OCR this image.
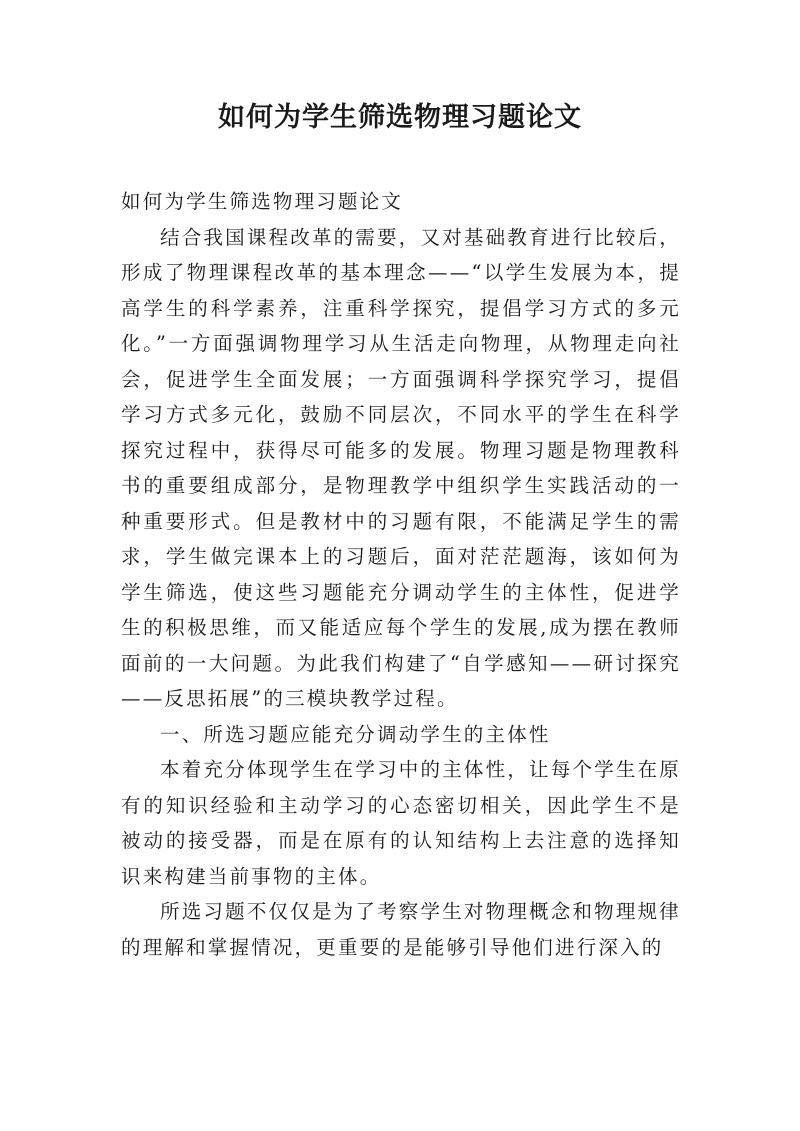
如何为学生筛选物理习题论文

如何为学生筛选物理习题论文

结合我国课程改革的需要，又对基础教育进行比较后，形成了物理课程改革的基本理念——“以学生发展为本，提高学生的科学素养，注重科学探究，提倡学习方式的多元化。”一方面强调物理学习从生活走向物理，从物理走向社会，促进学生全面发展；一方面强调科学探究学习，提倡学习方式多元化，鼓励不同层次，不同水平的学生在科学探究过程中，获得尽可能多的发展。物理习题是物理教科书的重要组成部分，是物理教学中组织学生实践活动的一种重要形式。但是教材中的习题有限，不能满足学生的需求，学生做完课本上的习题后，面对茫茫题海，该如何为学生筛选，使这些习题能充分调动学生的主体性，促进学生的积极思维，而又能适应每个学生的发展,成为摆在教师面前的一大问题。为此我们构建了“自学感知——研讨探究——反思拓展”的三模块教学过程。

一、所选习题应能充分调动学生的主体性

本着充分体现学生在学习中的主体性，让每个学生在原有的知识经验和主动学习的心态密切相关，因此学生不是被动的接受器，而是在原有的认知结构上去注意的选择知识来构建当前事物的主体。

所选习题不仅仅是为了考察学生对物理概念和物理规律的理解和掌握情况，更重要的是能够引导他们进行深入的
